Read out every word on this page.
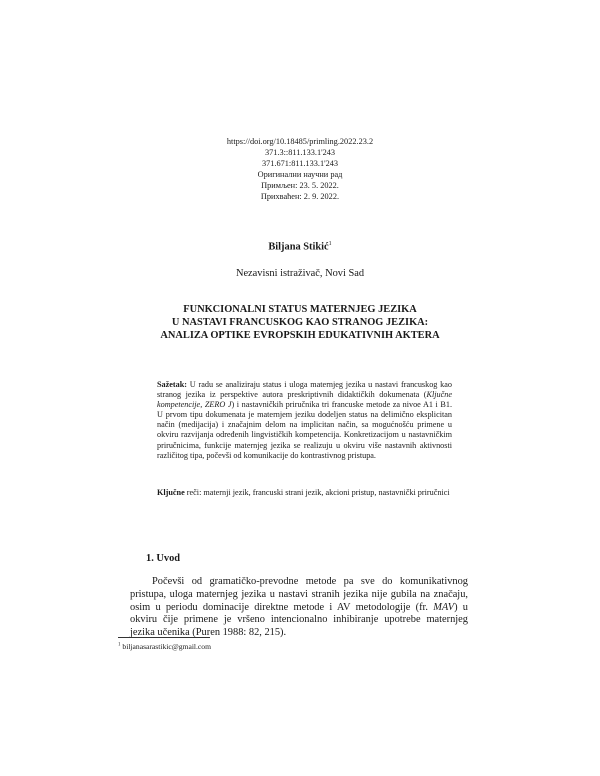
https://doi.org/10.18485/primling.2022.23.2
371.3::811.133.1'243
371.671:811.133.1'243
Оригинални научни рад
Примљен: 23. 5. 2022.
Прихваћен: 2. 9. 2022.
Biljana Stikić$^1$
Nezavisni istraživač, Novi Sad
FUNKCIONALNI STATUS MATERNJEG JEZIKA
U NASTAVI FRANCUSKOG KAO STRANOG JEZIKA:
ANALIZA OPTIKE EVROPSKIH EDUKATIVNIH AKTERA
Sažetak: U radu se analiziraju status i uloga maternjeg jezika u nastavi francuskog kao stranog jezika iz perspektive autora preskriptivnih didaktičkih dokumenata (Ključne kompetencije, ZERO J) i nastavničkih priručnika tri francuske metode za nivoe A1 i B1. U prvom tipu dokumenata je maternjem jeziku dodeljen status na delimično eksplicitan način (medijacija) i značajnim delom na implicitan način, sa mogućnošću primene u okviru razvijanja određenih lingvističkih kompetencija. Konkretizacijom u nastavničkim priručnicima, funkcije maternjeg jezika se realizuju u okviru više nastavnih aktivnosti različitog tipa, počevši od komunikacije do kontrastivnog pristupa.
Ključne reči: maternji jezik, francuski strani jezik, akcioni pristup, nastavnički priručnici
1. Uvod

Počevši od gramatičko-prevodne metode pa sve do komunikativnog pristupa, uloga maternjeg jezika u nastavi stranih jezika nije gubila na značaju, osim u periodu dominacije direktne metode i AV metodologije (fr. MAV) u okviru čije primene je vršeno intencionalno inhibiranje upotrebe maternjeg jezika učenika (Puren 1988: 82, 215).

$^1$ biljanasarastikic@gmail.com
